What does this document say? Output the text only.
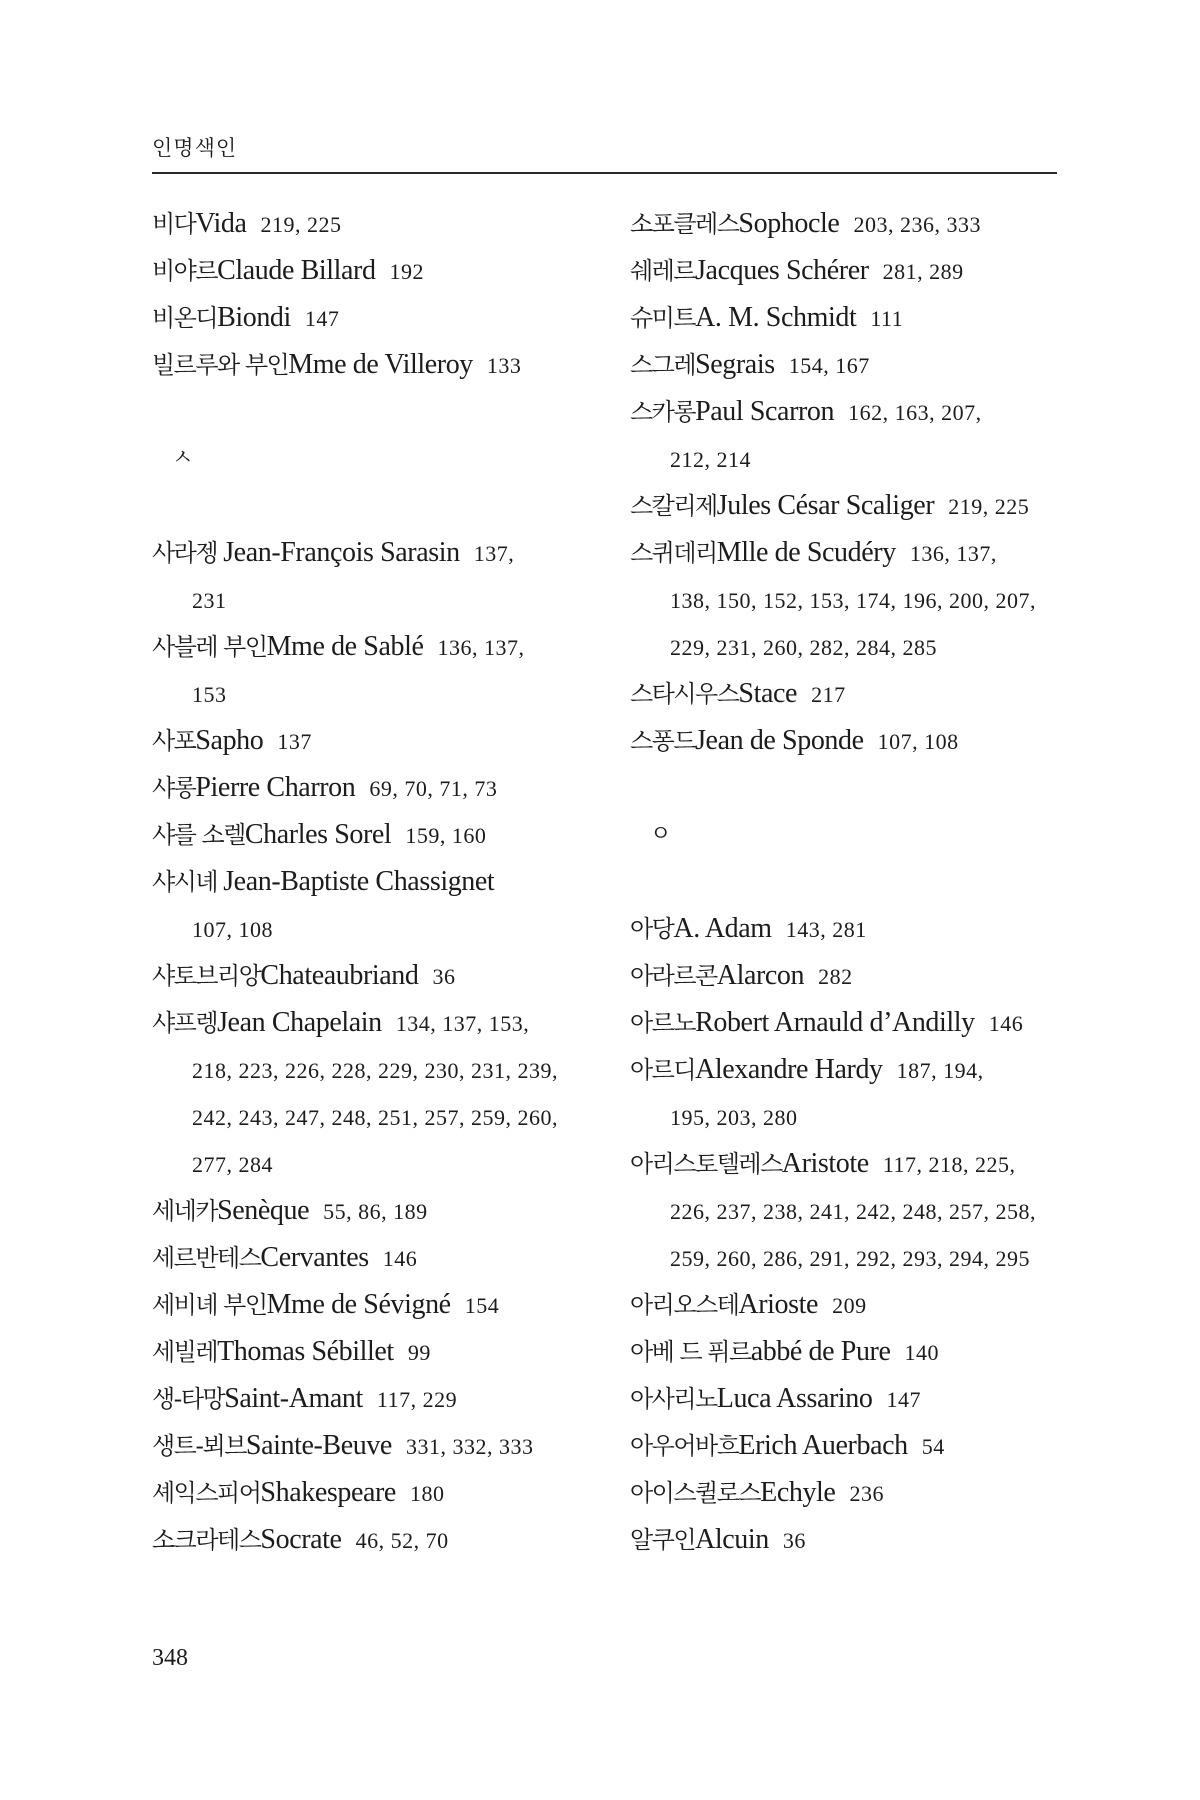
인명색인
비다Vida 219, 225
비야르Claude Billard 192
비온디Biondi 147
빌르루와 부인Mme de Villeroy 133
ㅅ
사라젱 Jean-François Sarasin 137,
231
사블레 부인Mme de Sablé 136, 137,
153
사포Sapho 137
샤롱Pierre Charron 69, 70, 71, 73
샤를 소렐Charles Sorel 159, 160
샤시녜 Jean-Baptiste Chassignet
107, 108
샤토브리앙Chateaubriand 36
샤프렝Jean Chapelain 134, 137, 153,
218, 223, 226, 228, 229, 230, 231, 239,
242, 243, 247, 248, 251, 257, 259, 260,
277, 284
세네카Senèque 55, 86, 189
세르반테스Cervantes 146
세비녜 부인Mme de Sévigné 154
세빌레Thomas Sébillet 99
생-타망Saint-Amant 117, 229
생트-뵈브Sainte-Beuve 331, 332, 333
셰익스피어Shakespeare 180
소크라테스Socrate 46, 52, 70
소포클레스Sophocle 203, 236, 333
쉐레르Jacques Schérer 281, 289
슈미트A. M. Schmidt 111
스그레Segrais 154, 167
스카롱Paul Scarron 162, 163, 207,
212, 214
스칼리제Jules César Scaliger 219, 225
스퀴데리Mlle de Scudéry 136, 137,
138, 150, 152, 153, 174, 196, 200, 207,
229, 231, 260, 282, 284, 285
스타시우스Stace 217
스퐁드Jean de Sponde 107, 108
ㅇ
아당A. Adam 143, 281
아라르콘Alarcon 282
아르노Robert Arnauld d’Andilly 146
아르디Alexandre Hardy 187, 194,
195, 203, 280
아리스토텔레스Aristote 117, 218, 225,
226, 237, 238, 241, 242, 248, 257, 258,
259, 260, 286, 291, 292, 293, 294, 295
아리오스테Arioste 209
아베 드 퓌르abbé de Pure 140
아사리노Luca Assarino 147
아우어바흐Erich Auerbach 54
아이스퀼로스Echyle 236
알쿠인Alcuin 36
348
